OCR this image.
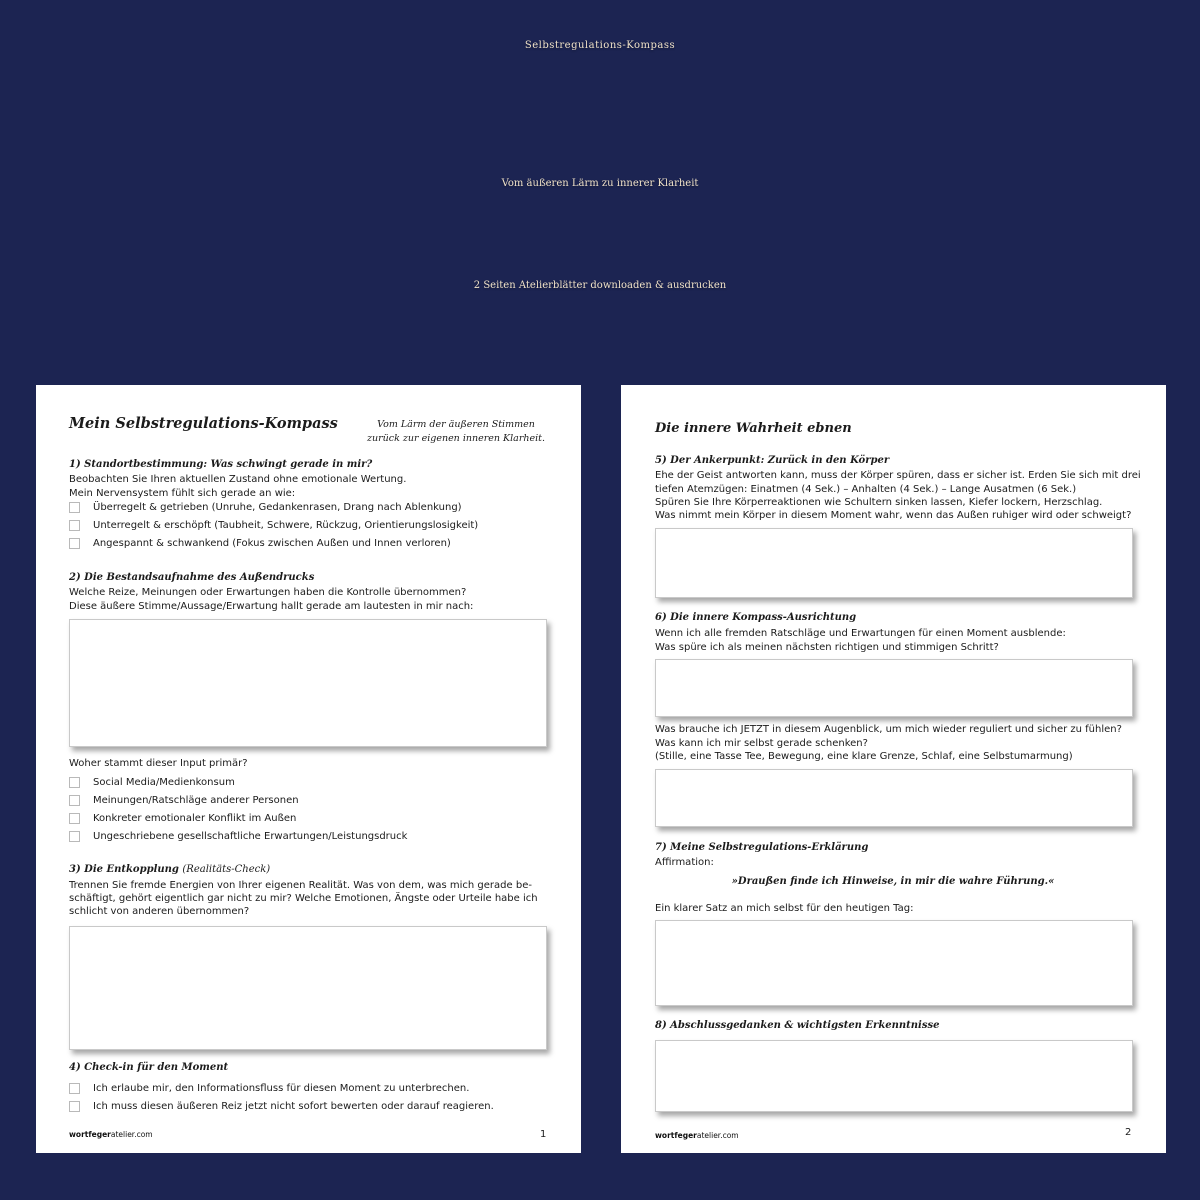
Selbstregulations-Kompass
Vom äußeren Lärm zu innerer Klarheit
2 Seiten Atelierblätter downloaden & ausdrucken
Mein Selbstregulations-Kompass	Vom Lärm der äußeren Stimmen
zurück zur eigenen inneren Klarheit.
1) Standortbestimmung: Was schwingt gerade in mir?
Beobachten Sie Ihren aktuellen Zustand ohne emotionale Wertung.
Mein Nervensystem fühlt sich gerade an wie:
Überregelt & getrieben (Unruhe, Gedankenrasen, Drang nach Ablenkung)
Unterregelt & erschöpft (Taubheit, Schwere, Rückzug, Orientierungslosigkeit)
Angespannt & schwankend (Fokus zwischen Außen und Innen verloren)
2) Die Bestandsaufnahme des Außendrucks
Welche Reize, Meinungen oder Erwartungen haben die Kontrolle übernommen?
Diese äußere Stimme/Aussage/Erwartung hallt gerade am lautesten in mir nach:
Woher stammt dieser Input primär?
Social Media/Medienkonsum
Meinungen/Ratschläge anderer Personen
Konkreter emotionaler Konflikt im Außen
Ungeschriebene gesellschaftliche Erwartungen/Leistungsdruck
3) Die Entkopplung (Realitäts-Check)
Trennen Sie fremde Energien von Ihrer eigenen Realität. Was von dem, was mich gerade be-
schäftigt, gehört eigentlich gar nicht zu mir? Welche Emotionen, Ängste oder Urteile habe ich
schlicht von anderen übernommen?
4) Check-in für den Moment
Ich erlaube mir, den Informationsfluss für diesen Moment zu unterbrechen.
Ich muss diesen äußeren Reiz jetzt nicht sofort bewerten oder darauf reagieren.
wortfegeratelier.com	1
Die innere Wahrheit ebnen
5) Der Ankerpunkt: Zurück in den Körper
Ehe der Geist antworten kann, muss der Körper spüren, dass er sicher ist. Erden Sie sich mit drei
tiefen Atemzügen: Einatmen (4 Sek.) – Anhalten (4 Sek.) – Lange Ausatmen (6 Sek.)
Spüren Sie Ihre Körperreaktionen wie Schultern sinken lassen, Kiefer lockern, Herzschlag.
Was nimmt mein Körper in diesem Moment wahr, wenn das Außen ruhiger wird oder schweigt?
6) Die innere Kompass-Ausrichtung
Wenn ich alle fremden Ratschläge und Erwartungen für einen Moment ausblende:
Was spüre ich als meinen nächsten richtigen und stimmigen Schritt?
Was brauche ich JETZT in diesem Augenblick, um mich wieder reguliert und sicher zu fühlen?
Was kann ich mir selbst gerade schenken?
(Stille, eine Tasse Tee, Bewegung, eine klare Grenze, Schlaf, eine Selbstumarmung)
7) Meine Selbstregulations-Erklärung
Affirmation:
»Draußen finde ich Hinweise, in mir die wahre Führung.«
Ein klarer Satz an mich selbst für den heutigen Tag:
8) Abschlussgedanken & wichtigsten Erkenntnisse
wortfegeratelier.com	2
